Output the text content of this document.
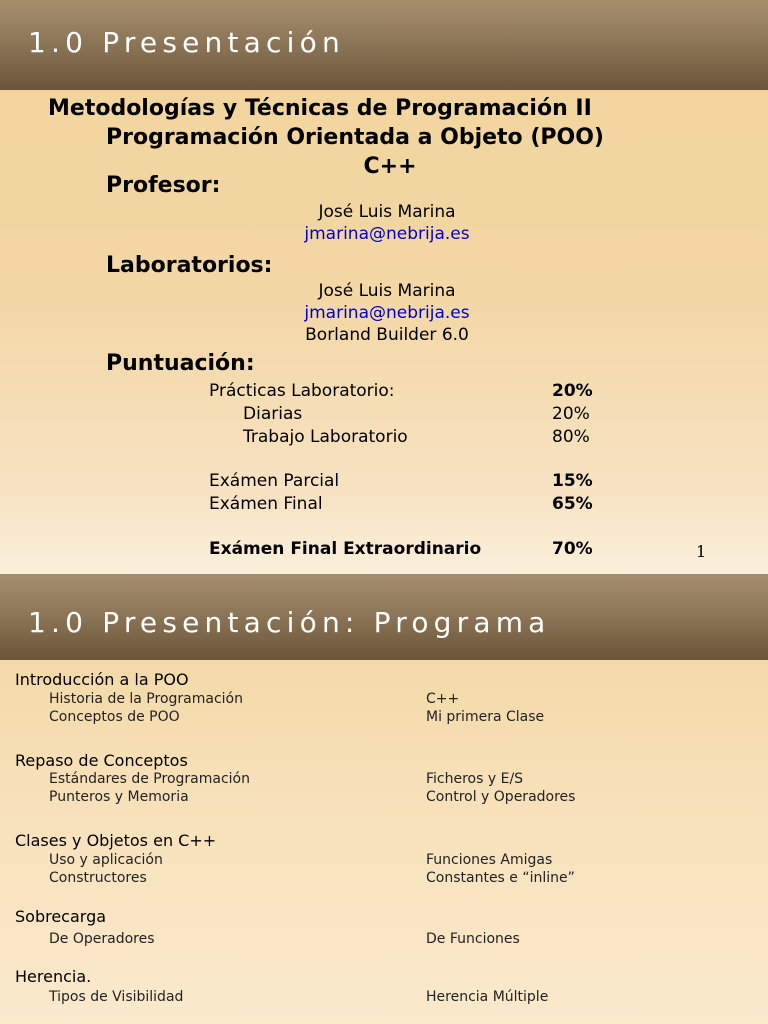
1.0 Presentación
Metodologías y Técnicas de Programación II
Programación Orientada a Objeto (POO)
C++
Profesor:
José Luis Marina
jmarina@nebrija.es
Laboratorios:
José Luis Marina
jmarina@nebrija.es
Borland Builder 6.0
Puntuación:
Prácticas Laboratorio:	20%
Diarias	20%
Trabajo Laboratorio	80%
Exámen Parcial	15%
Exámen Final	65%
Exámen Final Extraordinario	70%	1
1.0 Presentación: Programa
Introducción a la POO
Historia de la Programación	C++
Conceptos de POO	Mi primera Clase
Repaso de Conceptos
Estándares de Programación	Ficheros y E/S
Punteros y Memoria	Control y Operadores
Clases y Objetos en C++
Uso y aplicación	Funciones Amigas
Constructores	Constantes e “inline”
Sobrecarga
De Operadores	De Funciones
Herencia.
Tipos de Visibilidad	Herencia Múltiple
